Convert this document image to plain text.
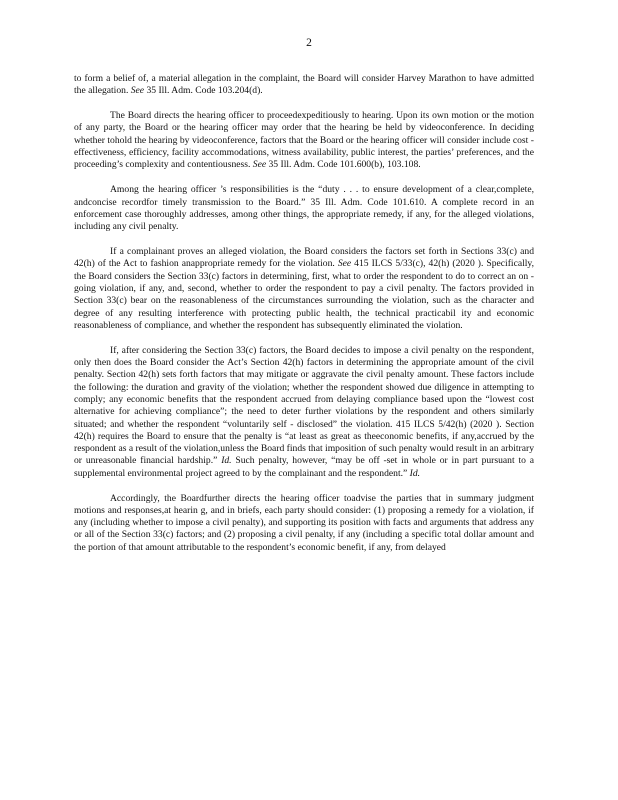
2

to form a belief of, a material allegation in the complaint, the Board will consider Harvey Marathon to have admitted the allegation. See 35 Ill. Adm. Code 103.204(d).

The Board directs the hearing officer to proceedexpeditiously to hearing. Upon its own motion or the motion of any party, the Board or the hearing officer may order that the hearing be held by videoconference. In deciding whether tohold the hearing by videoconference, factors that the Board or the hearing officer will consider include cost - effectiveness, efficiency, facility accommodations, witness availability, public interest, the parties’ preferences, and the proceeding’s complexity and contentiousness. See 35 Ill. Adm. Code 101.600(b), 103.108.

Among the hearing officer ’s responsibilities is the “duty . . . to ensure development of a clear,complete, andconcise recordfor timely transmission to the Board.” 35 Ill. Adm. Code 101.610. A complete record in an enforcement case thoroughly addresses, among other things, the appropriate remedy, if any, for the alleged violations, including any civil penalty.

If a complainant proves an alleged violation, the Board considers the factors set forth in Sections 33(c) and 42(h) of the Act to fashion anappropriate remedy for the violation. See 415 ILCS 5/33(c), 42(h) (2020 ). Specifically, the Board considers the Section 33(c) factors in determining, first, what to order the respondent to do to correct an on - going violation, if any, and, second, whether to order the respondent to pay a civil penalty. The factors provided in Section 33(c) bear on the reasonableness of the circumstances surrounding the violation, such as the character and degree of any resulting interference with protecting public health, the technical practicabil ity and economic reasonableness of compliance, and whether the respondent has subsequently eliminated the violation.

If, after considering the Section 33(c) factors, the Board decides to impose a civil penalty on the respondent, only then does the Board consider the Act’s Section 42(h) factors in determining the appropriate amount of the civil penalty. Section 42(h) sets forth factors that may mitigate or aggravate the civil penalty amount. These factors include the following: the duration and gravity of the violation; whether the respondent showed due diligence in attempting to comply; any economic benefits that the respondent accrued from delaying compliance based upon the “lowest cost alternative for achieving compliance”; the need to deter further violations by the respondent and others similarly situated; and whether the respondent “voluntarily self - disclosed” the violation. 415 ILCS 5/42(h) (2020 ). Section 42(h) requires the Board to ensure that the penalty is “at least as great as theeconomic benefits, if any,accrued by the respondent as a result of the violation,unless the Board finds that imposition of such penalty would result in an arbitrary or unreasonable financial hardship.” Id. Such penalty, however, “may be off -set in whole or in part pursuant to a supplemental environmental project agreed to by the complainant and the respondent.” Id.

Accordingly, the Boardfurther directs the hearing officer toadvise the parties that in summary judgment motions and responses,at hearin g, and in briefs, each party should consider: (1) proposing a remedy for a violation, if any (including whether to impose a civil penalty), and supporting its position with facts and arguments that address any or all of the Section 33(c) factors; and (2) proposing a civil penalty, if any (including a specific total dollar amount and the portion of that amount attributable to the respondent’s economic benefit, if any, from delayed
